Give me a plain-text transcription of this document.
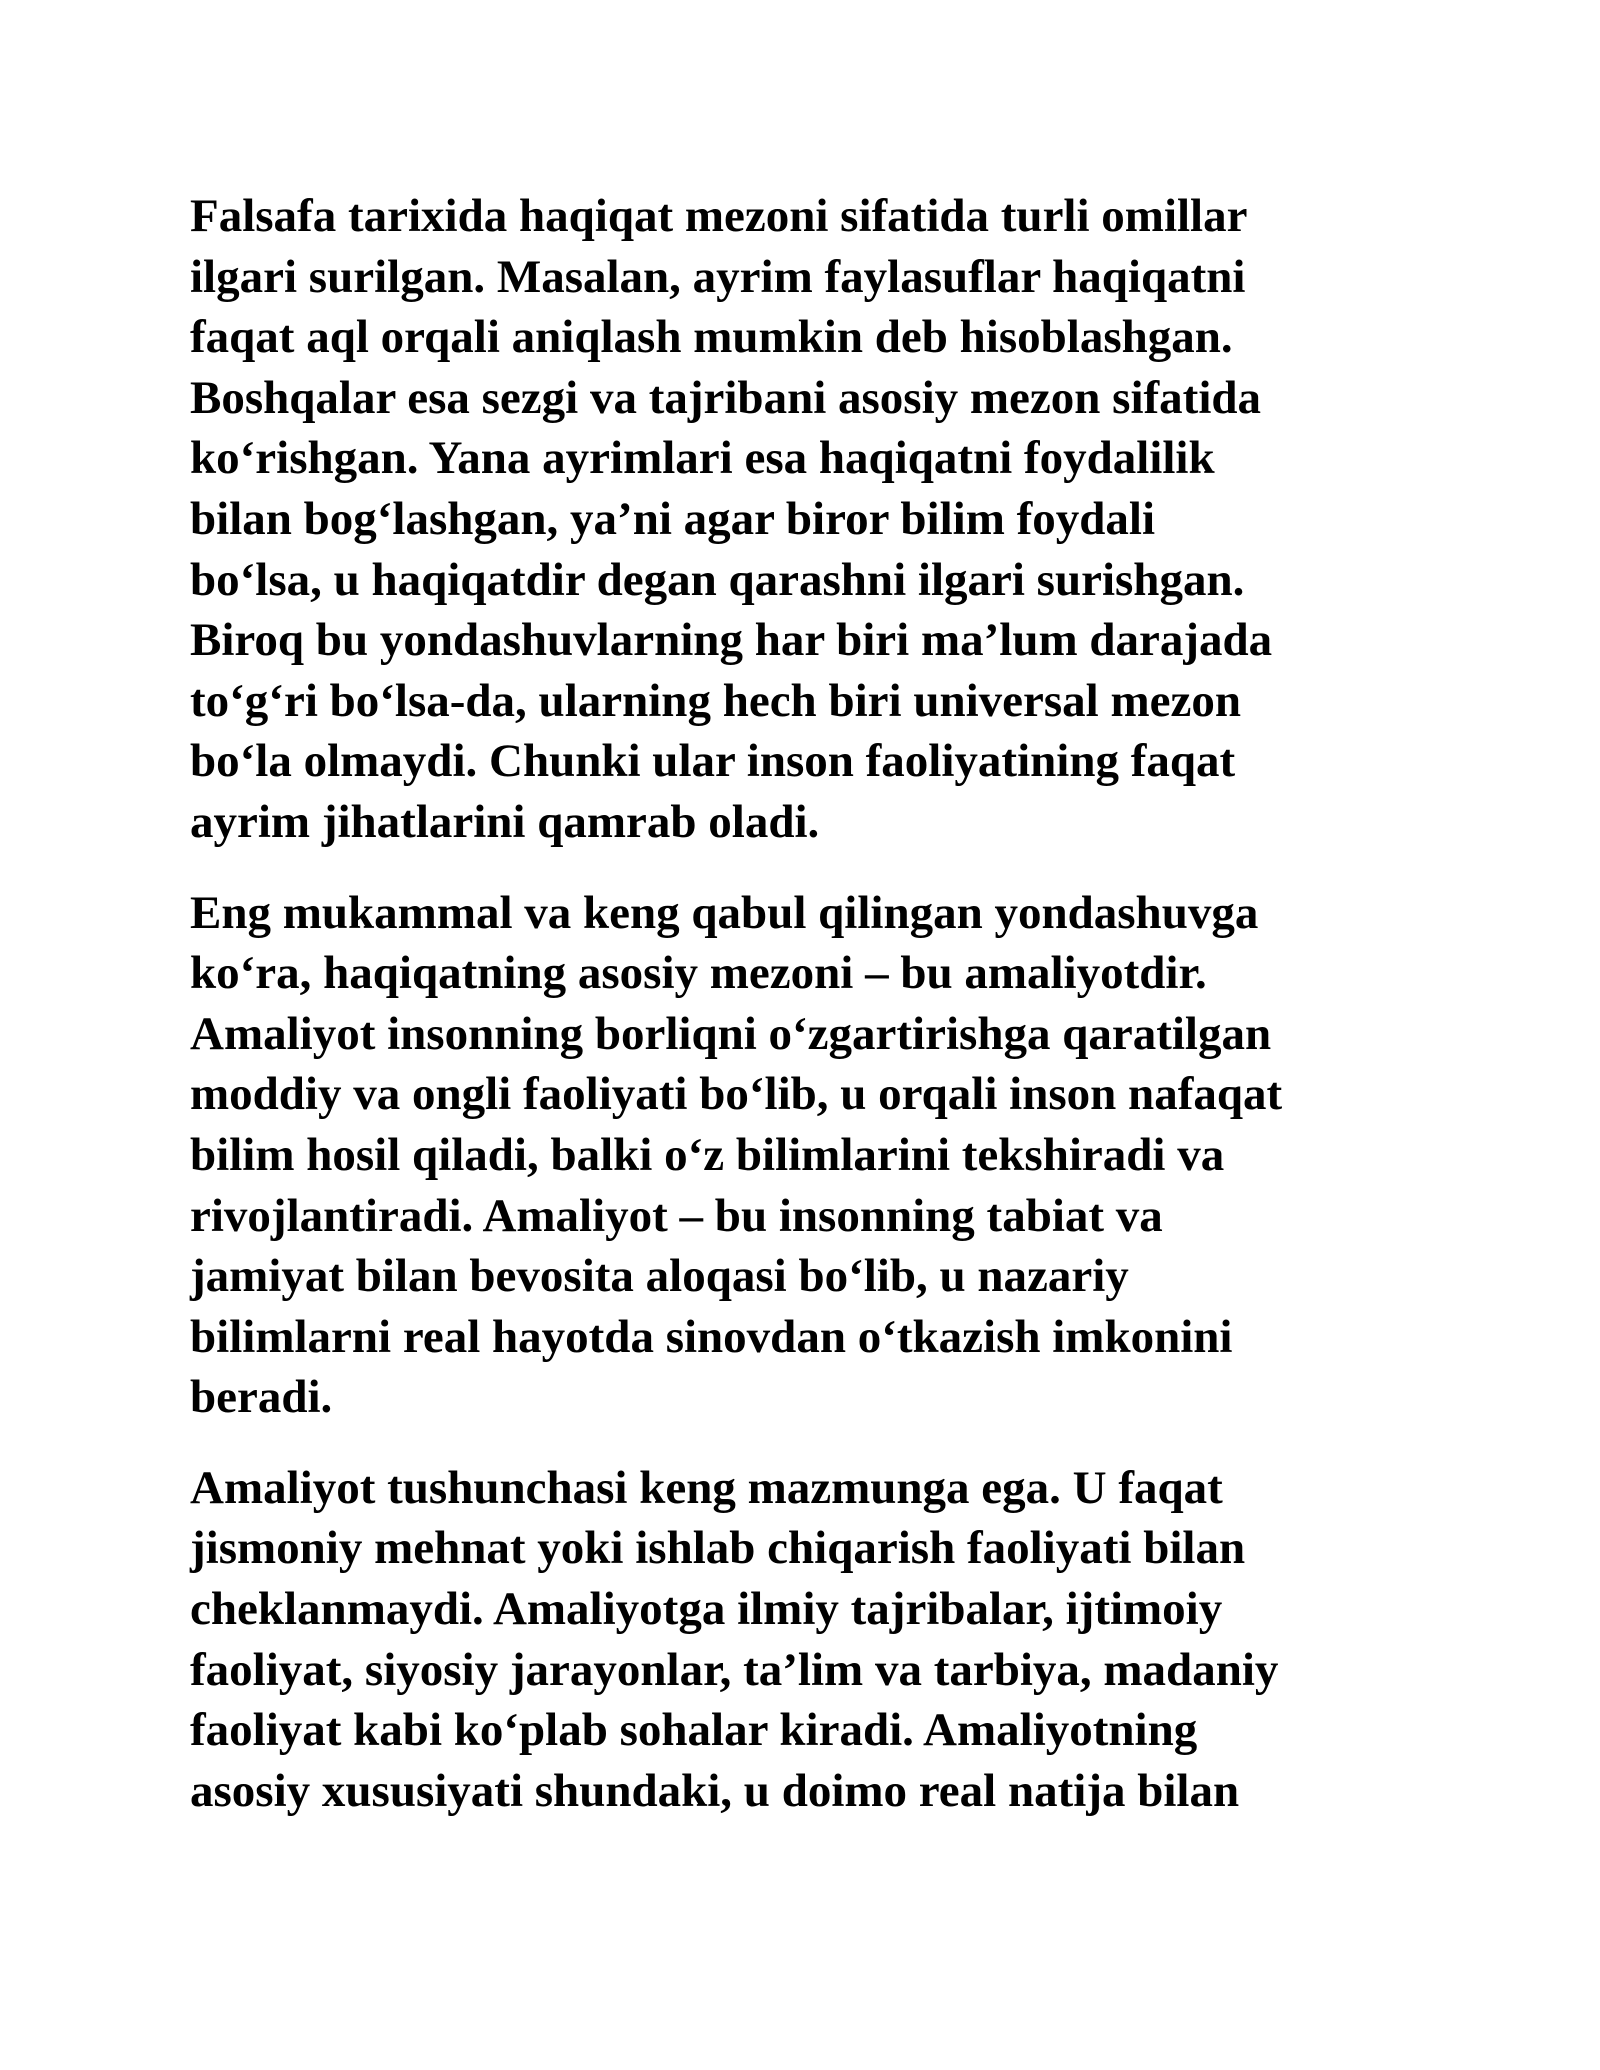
Falsafa tarixida haqiqat mezoni sifatida turli omillar
ilgari surilgan. Masalan, ayrim faylasuflar haqiqatni
faqat aql orqali aniqlash mumkin deb hisoblashgan.
Boshqalar esa sezgi va tajribani asosiy mezon sifatida
ko‘rishgan. Yana ayrimlari esa haqiqatni foydalilik
bilan bog‘lashgan, ya’ni agar biror bilim foydali
bo‘lsa, u haqiqatdir degan qarashni ilgari surishgan.
Biroq bu yondashuvlarning har biri ma’lum darajada
to‘g‘ri bo‘lsa-da, ularning hech biri universal mezon
bo‘la olmaydi. Chunki ular inson faoliyatining faqat
ayrim jihatlarini qamrab oladi.

Eng mukammal va keng qabul qilingan yondashuvga
ko‘ra, haqiqatning asosiy mezoni – bu amaliyotdir.
Amaliyot insonning borliqni o‘zgartirishga qaratilgan
moddiy va ongli faoliyati bo‘lib, u orqali inson nafaqat
bilim hosil qiladi, balki o‘z bilimlarini tekshiradi va
rivojlantiradi. Amaliyot – bu insonning tabiat va
jamiyat bilan bevosita aloqasi bo‘lib, u nazariy
bilimlarni real hayotda sinovdan o‘tkazish imkonini
beradi.

Amaliyot tushunchasi keng mazmunga ega. U faqat
jismoniy mehnat yoki ishlab chiqarish faoliyati bilan
cheklanmaydi. Amaliyotga ilmiy tajribalar, ijtimoiy
faoliyat, siyosiy jarayonlar, ta’lim va tarbiya, madaniy
faoliyat kabi ko‘plab sohalar kiradi. Amaliyotning
asosiy xususiyati shundaki, u doimo real natija bilan
